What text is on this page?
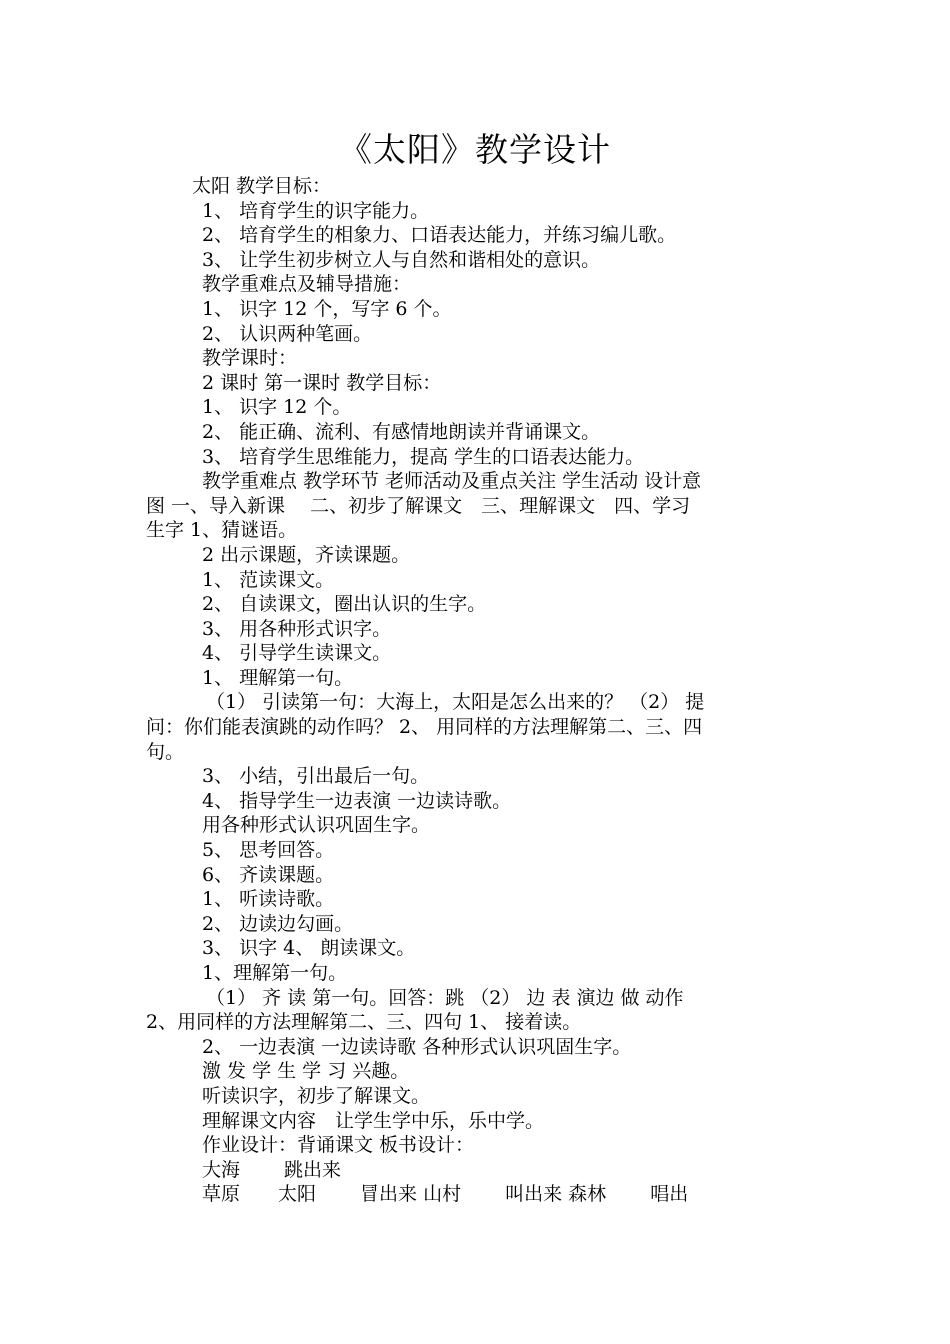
《太阳》教学设计
太阳 教学目标：
1、 培育学生的识字能力。
2、 培育学生的相象力、口语表达能力，并练习编儿歌。
3、 让学生初步树立人与自然和谐相处的意识。
教学重难点及辅导措施：
1、 识字 12 个，写字 6 个。
2、 认识两种笔画。
教学课时：
2 课时 第一课时 教学目标：
1、 识字 12 个。
2、 能正确、流利、有感情地朗读并背诵课文。
3、 培育学生思维能力，提高 学生的口语表达能力。
教学重难点 教学环节 老师活动及重点关注 学生活动 设计意
图 一、导入新课　 二、初步了解课文　三、理解课文　四、学习
生字 1、猜谜语。
2 出示课题，齐读课题。
1、 范读课文。
2、 自读课文，圈出认识的生字。
3、 用各种形式识字。
4、 引导学生读课文。
1、 理解第一句。
（1） 引读第一句：大海上，太阳是怎么出来的？ （2） 提
问：你们能表演跳的动作吗？ 2、 用同样的方法理解第二、三、四
句。
3、 小结，引出最后一句。
4、 指导学生一边表演 一边读诗歌。
用各种形式认识巩固生字。
5、 思考回答。
6、 齐读课题。
1、 听读诗歌。
2、 边读边勾画。
3、 识字 4、 朗读课文。
1、理解第一句。
（1） 齐 读 第一句。回答：跳 （2） 边 表 演边 做 动作
2、用同样的方法理解第二、三、四句 1、 接着读。
2、 一边表演 一边读诗歌 各种形式认识巩固生字。
激 发 学 生 学 习 兴趣。
听读识字，初步了解课文。
理解课文内容　让学生学中乐，乐中学。
作业设计：背诵课文 板书设计：
大海　　 跳出来
草原　　太阳　　 冒出来 山村　　 叫出来 森林　　 唱出
